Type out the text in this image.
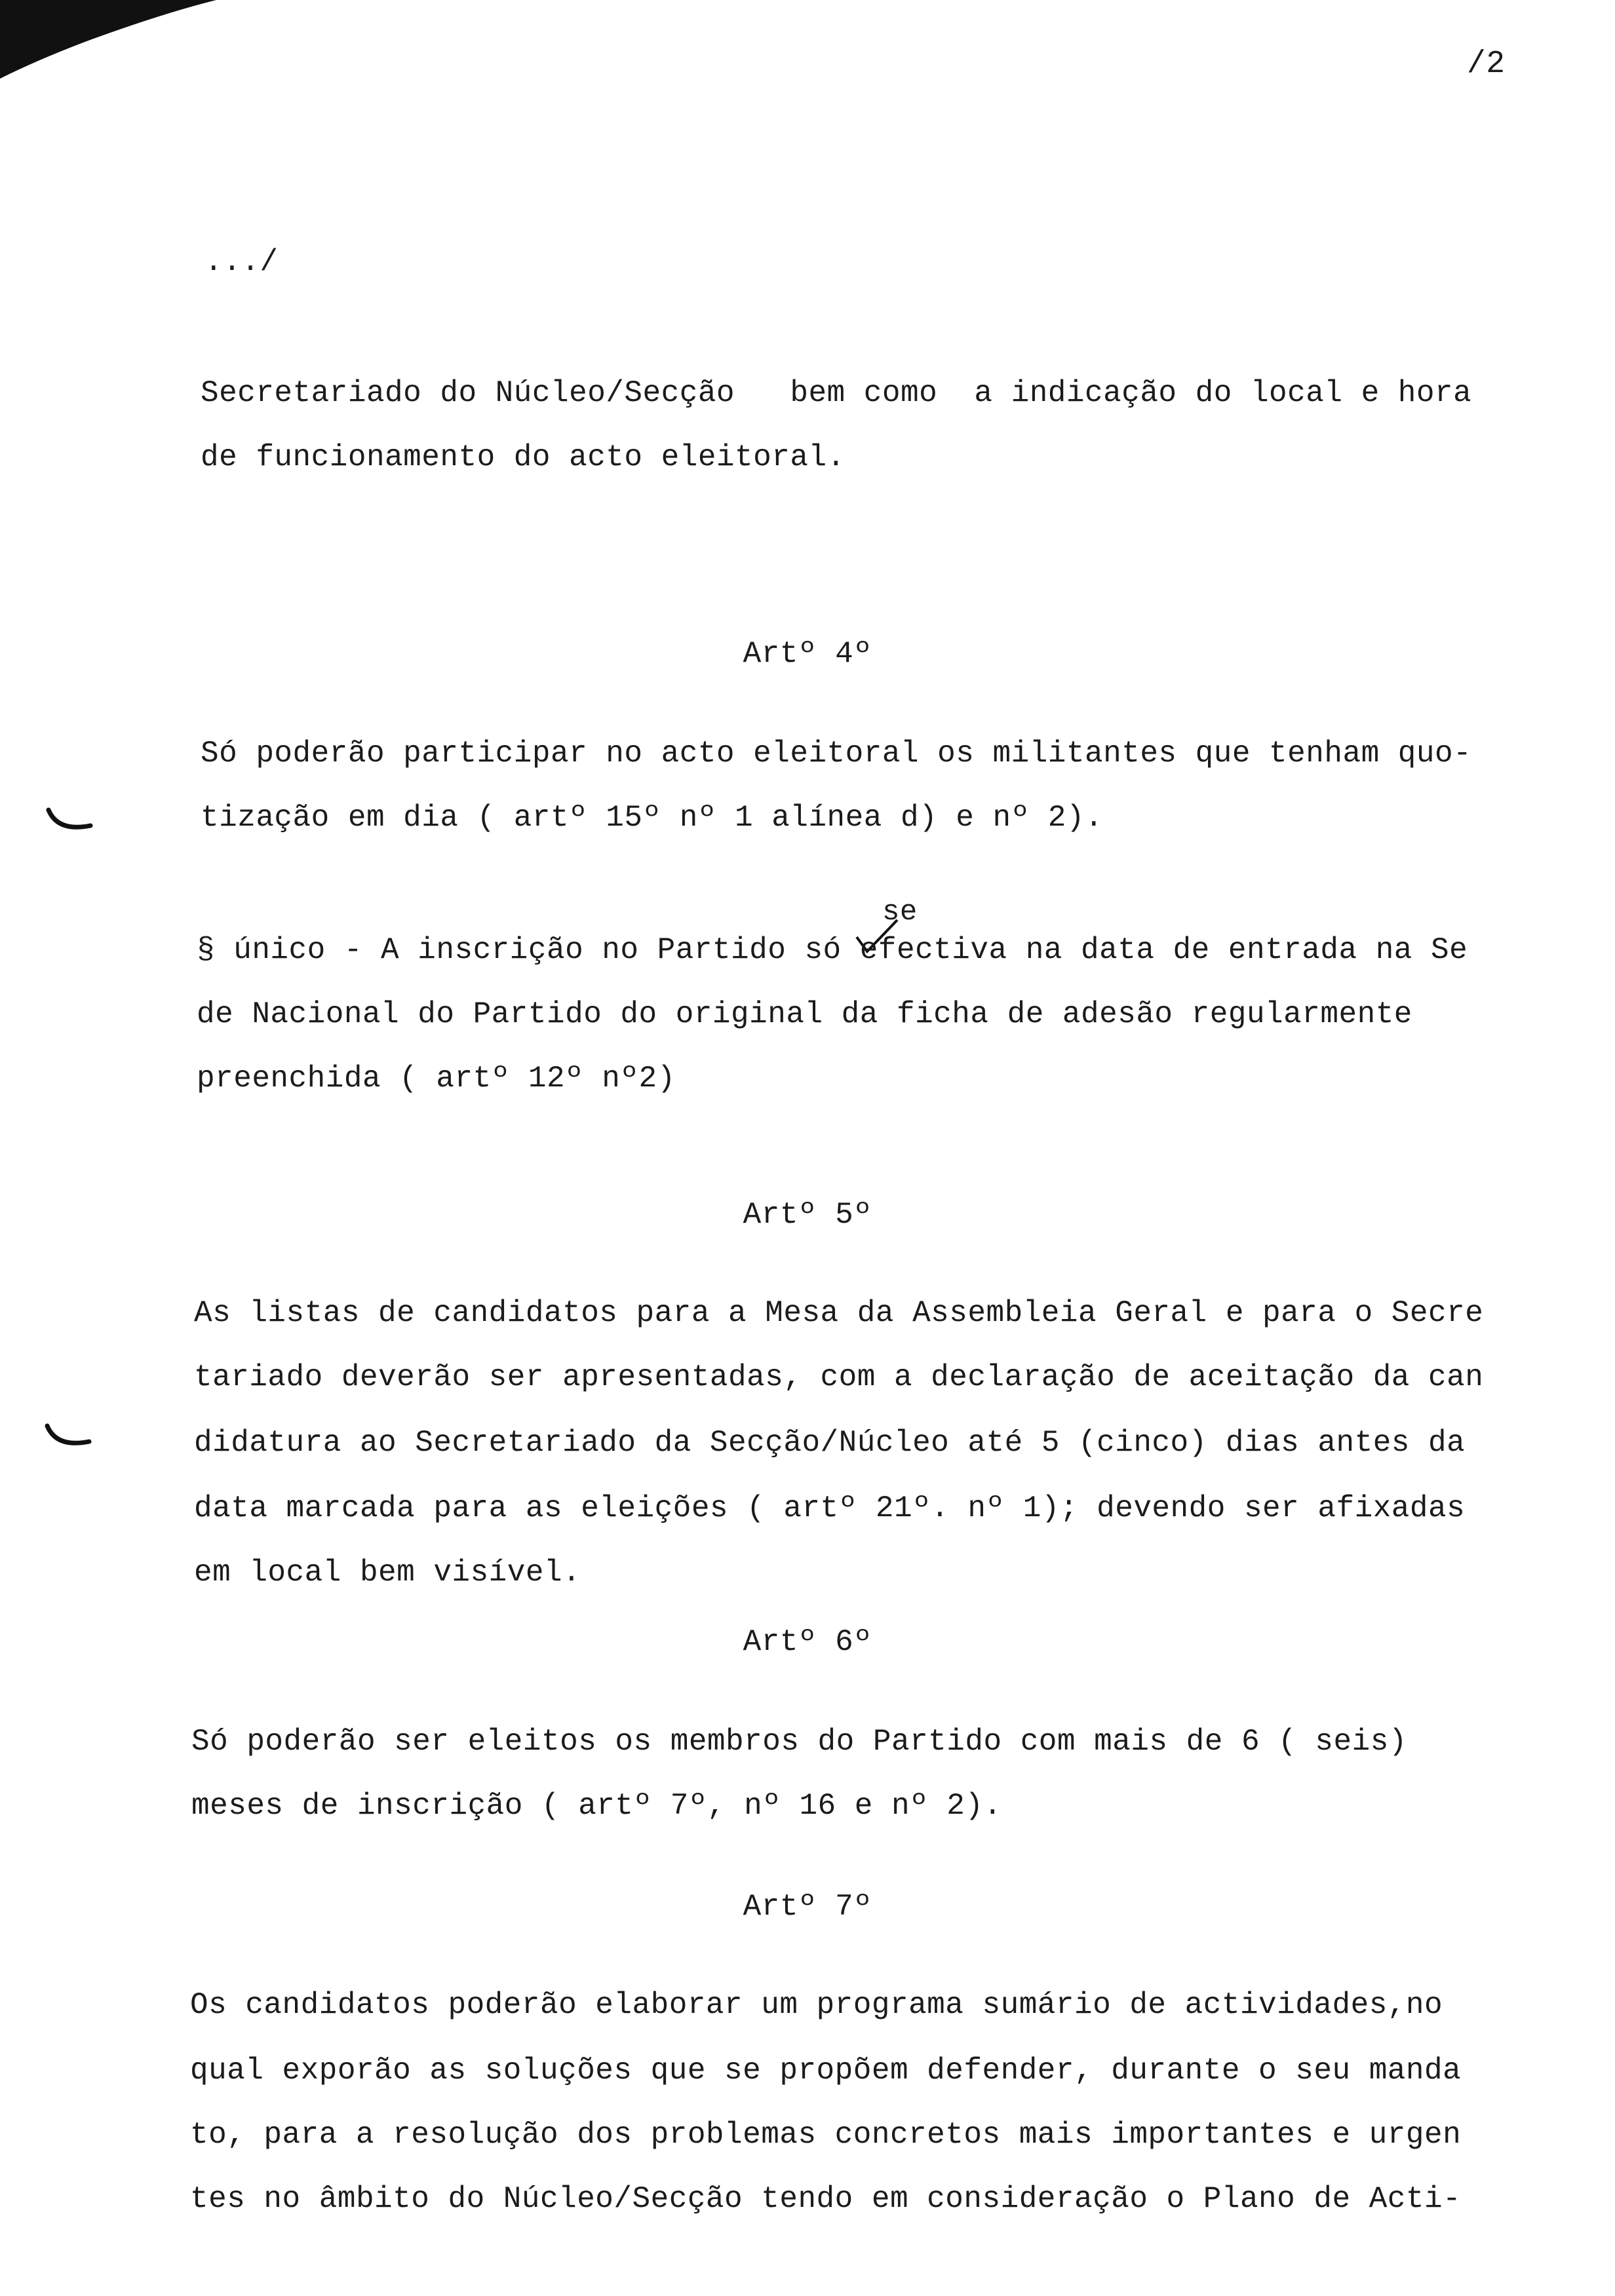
/2
.../
Secretariado do Núcleo/Secção   bem como  a indicação do local e hora
de funcionamento do acto eleitoral.
Artº 4º
Só poderão participar no acto eleitoral os militantes que tenham quo-
tização em dia ( artº 15º nº 1 alínea d) e nº 2).
se
§ único - A inscrição no Partido só efectiva na data de entrada na Se
de Nacional do Partido do original da ficha de adesão regularmente
preenchida ( artº 12º nº2)
Artº 5º
As listas de candidatos para a Mesa da Assembleia Geral e para o Secre
tariado deverão ser apresentadas, com a declaração de aceitação da can
didatura ao Secretariado da Secção/Núcleo até 5 (cinco) dias antes da
data marcada para as eleições ( artº 21º. nº 1); devendo ser afixadas
em local bem visível.
Artº 6º
Só poderão ser eleitos os membros do Partido com mais de 6 ( seis)
meses de inscrição ( artº 7º, nº 16 e nº 2).
Artº 7º
Os candidatos poderão elaborar um programa sumário de actividades,no
qual exporão as soluções que se propõem defender, durante o seu manda
to, para a resolução dos problemas concretos mais importantes e urgen
tes no âmbito do Núcleo/Secção tendo em consideração o Plano de Acti-
